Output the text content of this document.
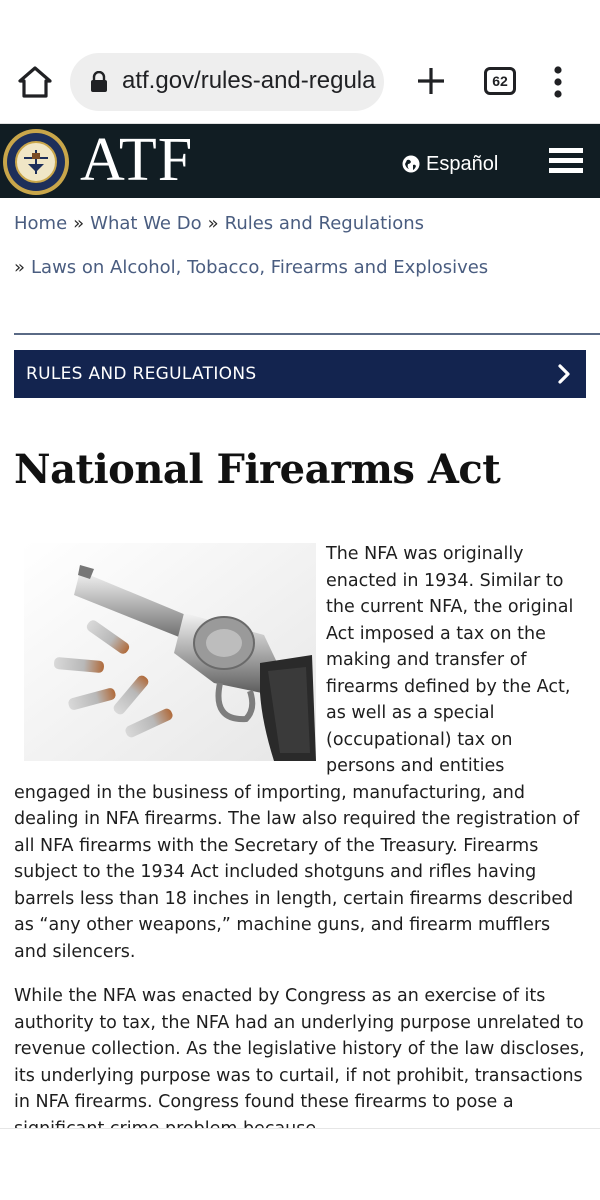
atf.gov/rules-and-regula	62
ATF	Español
Home » What We Do » Rules and Regulations
» Laws on Alcohol, Tobacco, Firearms and Explosives
RULES AND REGULATIONS
National Firearms Act

The NFA was originally enacted in 1934. Similar to the current NFA, the original Act imposed a tax on the making and transfer of firearms defined by the Act, as well as a special (occupational) tax on persons and entities engaged in the business of importing, manufacturing, and dealing in NFA firearms. The law also required the registration of all NFA firearms with the Secretary of the Treasury. Firearms subject to the 1934 Act included shotguns and rifles having barrels less than 18 inches in length, certain firearms described as “any other weapons,” machine guns, and firearm mufflers and silencers.

While the NFA was enacted by Congress as an exercise of its authority to tax, the NFA had an underlying purpose unrelated to revenue collection. As the legislative history of the law discloses, its underlying purpose was to curtail, if not prohibit, transactions in NFA firearms. Congress found these firearms to pose a
